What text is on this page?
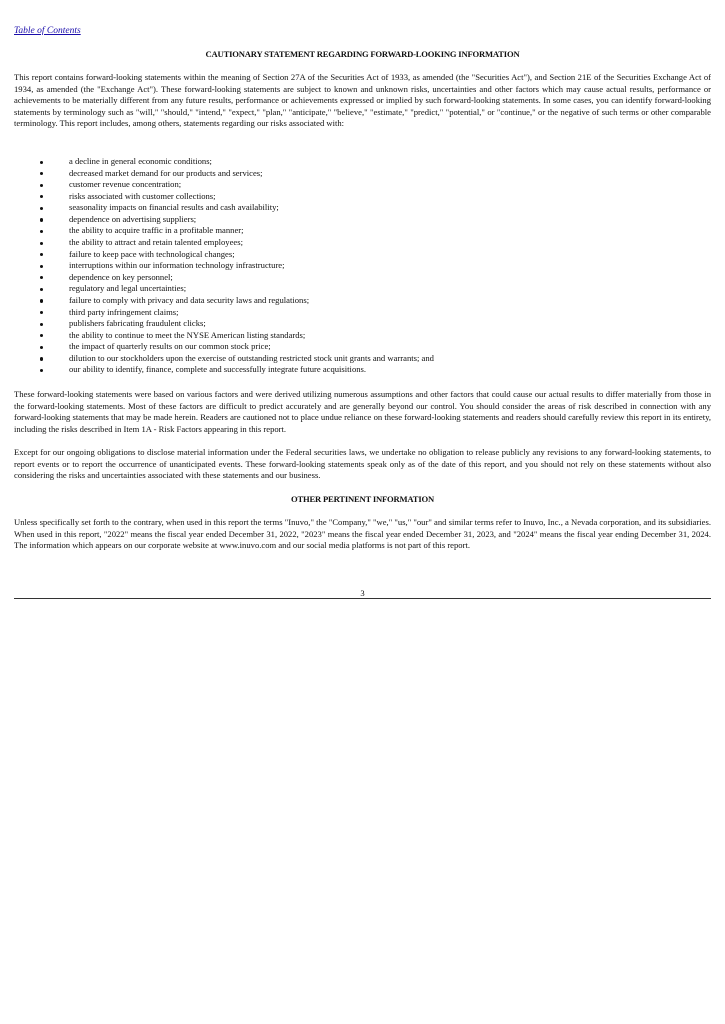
Table of Contents
CAUTIONARY STATEMENT REGARDING FORWARD-LOOKING INFORMATION

This report contains forward-looking statements within the meaning of Section 27A of the Securities Act of 1933, as amended (the "Securities Act"), and Section 21E of the Securities Exchange Act of 1934, as amended (the "Exchange Act"). These forward-looking statements are subject to known and unknown risks, uncertainties and other factors which may cause actual results, performance or achievements to be materially different from any future results, performance or achievements expressed or implied by such forward-looking statements. In some cases, you can identify forward-looking statements by terminology such as "will," "should," "intend," "expect," "plan," "anticipate," "believe," "estimate," "predict," "potential," or "continue," or the negative of such terms or other comparable terminology. This report includes, among others, statements regarding our risks associated with:

a decline in general economic conditions;
decreased market demand for our products and services;
customer revenue concentration;
risks associated with customer collections;
seasonality impacts on financial results and cash availability;
dependence on advertising suppliers;
the ability to acquire traffic in a profitable manner;
the ability to attract and retain talented employees;
failure to keep pace with technological changes;
interruptions within our information technology infrastructure;
dependence on key personnel;
regulatory and legal uncertainties;
failure to comply with privacy and data security laws and regulations;
third party infringement claims;
publishers fabricating fraudulent clicks;
the ability to continue to meet the NYSE American listing standards;
the impact of quarterly results on our common stock price;
dilution to our stockholders upon the exercise of outstanding restricted stock unit grants and warrants; and
our ability to identify, finance, complete and successfully integrate future acquisitions.

These forward-looking statements were based on various factors and were derived utilizing numerous assumptions and other factors that could cause our actual results to differ materially from those in the forward-looking statements. Most of these factors are difficult to predict accurately and are generally beyond our control. You should consider the areas of risk described in connection with any forward-looking statements that may be made herein. Readers are cautioned not to place undue reliance on these forward-looking statements and readers should carefully review this report in its entirety, including the risks described in Item 1A - Risk Factors appearing in this report.

Except for our ongoing obligations to disclose material information under the Federal securities laws, we undertake no obligation to release publicly any revisions to any forward-looking statements, to report events or to report the occurrence of unanticipated events. These forward-looking statements speak only as of the date of this report, and you should not rely on these statements without also considering the risks and uncertainties associated with these statements and our business.

OTHER PERTINENT INFORMATION

Unless specifically set forth to the contrary, when used in this report the terms "Inuvo," the "Company," "we," "us," "our" and similar terms refer to Inuvo, Inc., a Nevada corporation, and its subsidiaries. When used in this report, "2022" means the fiscal year ended December 31, 2022, "2023" means the fiscal year ended December 31, 2023, and "2024" means the fiscal year ending December 31, 2024. The information which appears on our corporate website at www.inuvo.com and our social media platforms is not part of this report.

3
